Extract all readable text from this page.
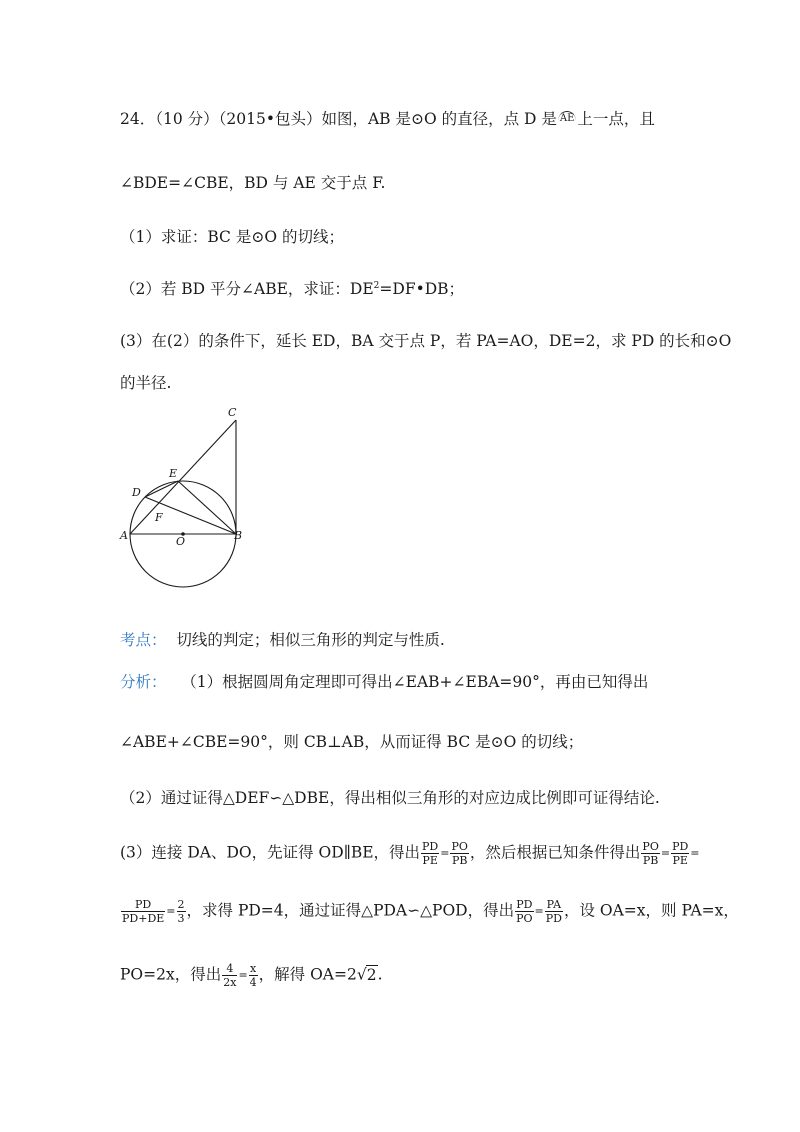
24．（10 分）（2015•包头）如图，AB 是⊙O 的直径，点 D 是 AE 上一点，且
∠BDE=∠CBE，BD 与 AE 交于点 F.
（1）求证：BC 是⊙O 的切线；
（2）若 BD 平分∠ABE，求证：$DE^2=DF•DB$；
(3）在(2）的条件下，延长 ED，BA 交于点 P，若 PA=AO，DE=2，求 PD 的长和⊙O
的半径.
C
E
D
F
A	O	B
考点： 切线的判定；相似三角形的判定与性质.
分析： （1）根据圆周角定理即可得出∠EAB+∠EBA=90°，再由已知得出
∠ABE+∠CBE=90°，则 CB⊥AB，从而证得 BC 是⊙O 的切线；
（2）通过证得△DEF∽△DBE，得出相似三角形的对应边成比例即可证得结论.
(3）连接 DA、DO，先证得 OD∥BE，得出 $\frac{PD}{PE} = \frac{PO}{PB}$ ，然后根据已知条件得出 $\frac{PO}{PB} = \frac{PD}{PE}$ =
$\frac{PD}{PD+DE} = \frac{2}{3}$ ，求得 PD=4，通过证得△PDA∽△POD，得出 $\frac{PD}{PO} = \frac{PA}{PD}$ ，设 OA=x，则 PA=x，
PO=2x，得出 $\frac{4}{2x} = \frac{x}{4}$ ，解得 OA=2√2.
